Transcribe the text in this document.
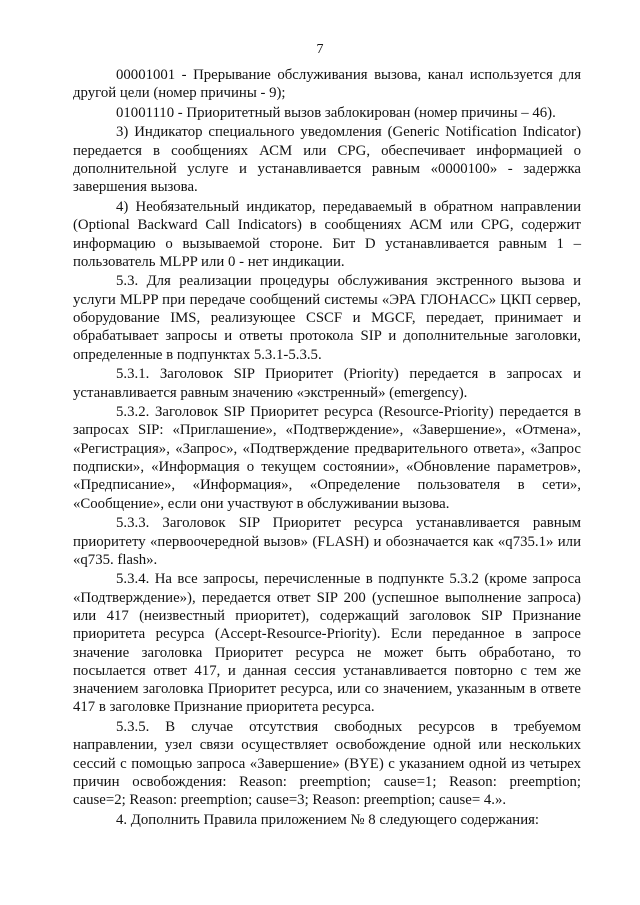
7

00001001 - Прерывание обслуживания вызова, канал используется для другой цели (номер причины - 9);

01001110 - Приоритетный вызов заблокирован (номер причины – 46).

3) Индикатор специального уведомления (Generic Notification Indicator) передается в сообщениях АСМ или CPG, обеспечивает информацией о дополнительной услуге и устанавливается равным «0000100» - задержка завершения вызова.

4) Необязательный индикатор, передаваемый в обратном направлении (Optional Backward Call Indicators) в сообщениях АСМ или CPG, содержит информацию о вызываемой стороне. Бит D устанавливается равным 1 – пользователь MLPP или 0 - нет индикации.

5.3. Для реализации процедуры обслуживания экстренного вызова и услуги MLPP при передаче сообщений системы «ЭРА ГЛОНАСС» ЦКП сервер, оборудование IMS, реализующее CSCF и MGCF, передает, принимает и обрабатывает запросы и ответы протокола SIP и дополнительные заголовки, определенные в подпунктах 5.3.1-5.3.5.

5.3.1. Заголовок SIP Приоритет (Priority) передается в запросах и устанавливается равным значению «экстренный» (emergency).

5.3.2. Заголовок SIP Приоритет ресурса (Resource-Priority) передается в запросах SIP: «Приглашение», «Подтверждение», «Завершение», «Отмена», «Регистрация», «Запрос», «Подтверждение предварительного ответа», «Запрос подписки», «Информация о текущем состоянии», «Обновление параметров», «Предписание», «Информация», «Определение пользователя в сети», «Сообщение», если они участвуют в обслуживании вызова.

5.3.3. Заголовок SIP Приоритет ресурса устанавливается равным приоритету «первоочередной вызов» (FLASH) и обозначается как «q735.1» или «q735. flash».

5.3.4. На все запросы, перечисленные в подпункте 5.3.2 (кроме запроса «Подтверждение»), передается ответ SIP 200 (успешное выполнение запроса) или 417 (неизвестный приоритет), содержащий заголовок SIP Признание приоритета ресурса (Accept-Resource-Priority). Если переданное в запросе значение заголовка Приоритет ресурса не может быть обработано, то посылается ответ 417, и данная сессия устанавливается повторно с тем же значением заголовка Приоритет ресурса, или со значением, указанным в ответе 417 в заголовке Признание приоритета ресурса.

5.3.5. В случае отсутствия свободных ресурсов в требуемом направлении, узел связи осуществляет освобождение одной или нескольких сессий с помощью запроса «Завершение» (BYE) с указанием одной из четырех причин освобождения: Reason: preemption; cause=1; Reason: preemption; cause=2; Reason: preemption; cause=3; Reason: preemption; cause= 4.».

4. Дополнить Правила приложением № 8 следующего содержания:
